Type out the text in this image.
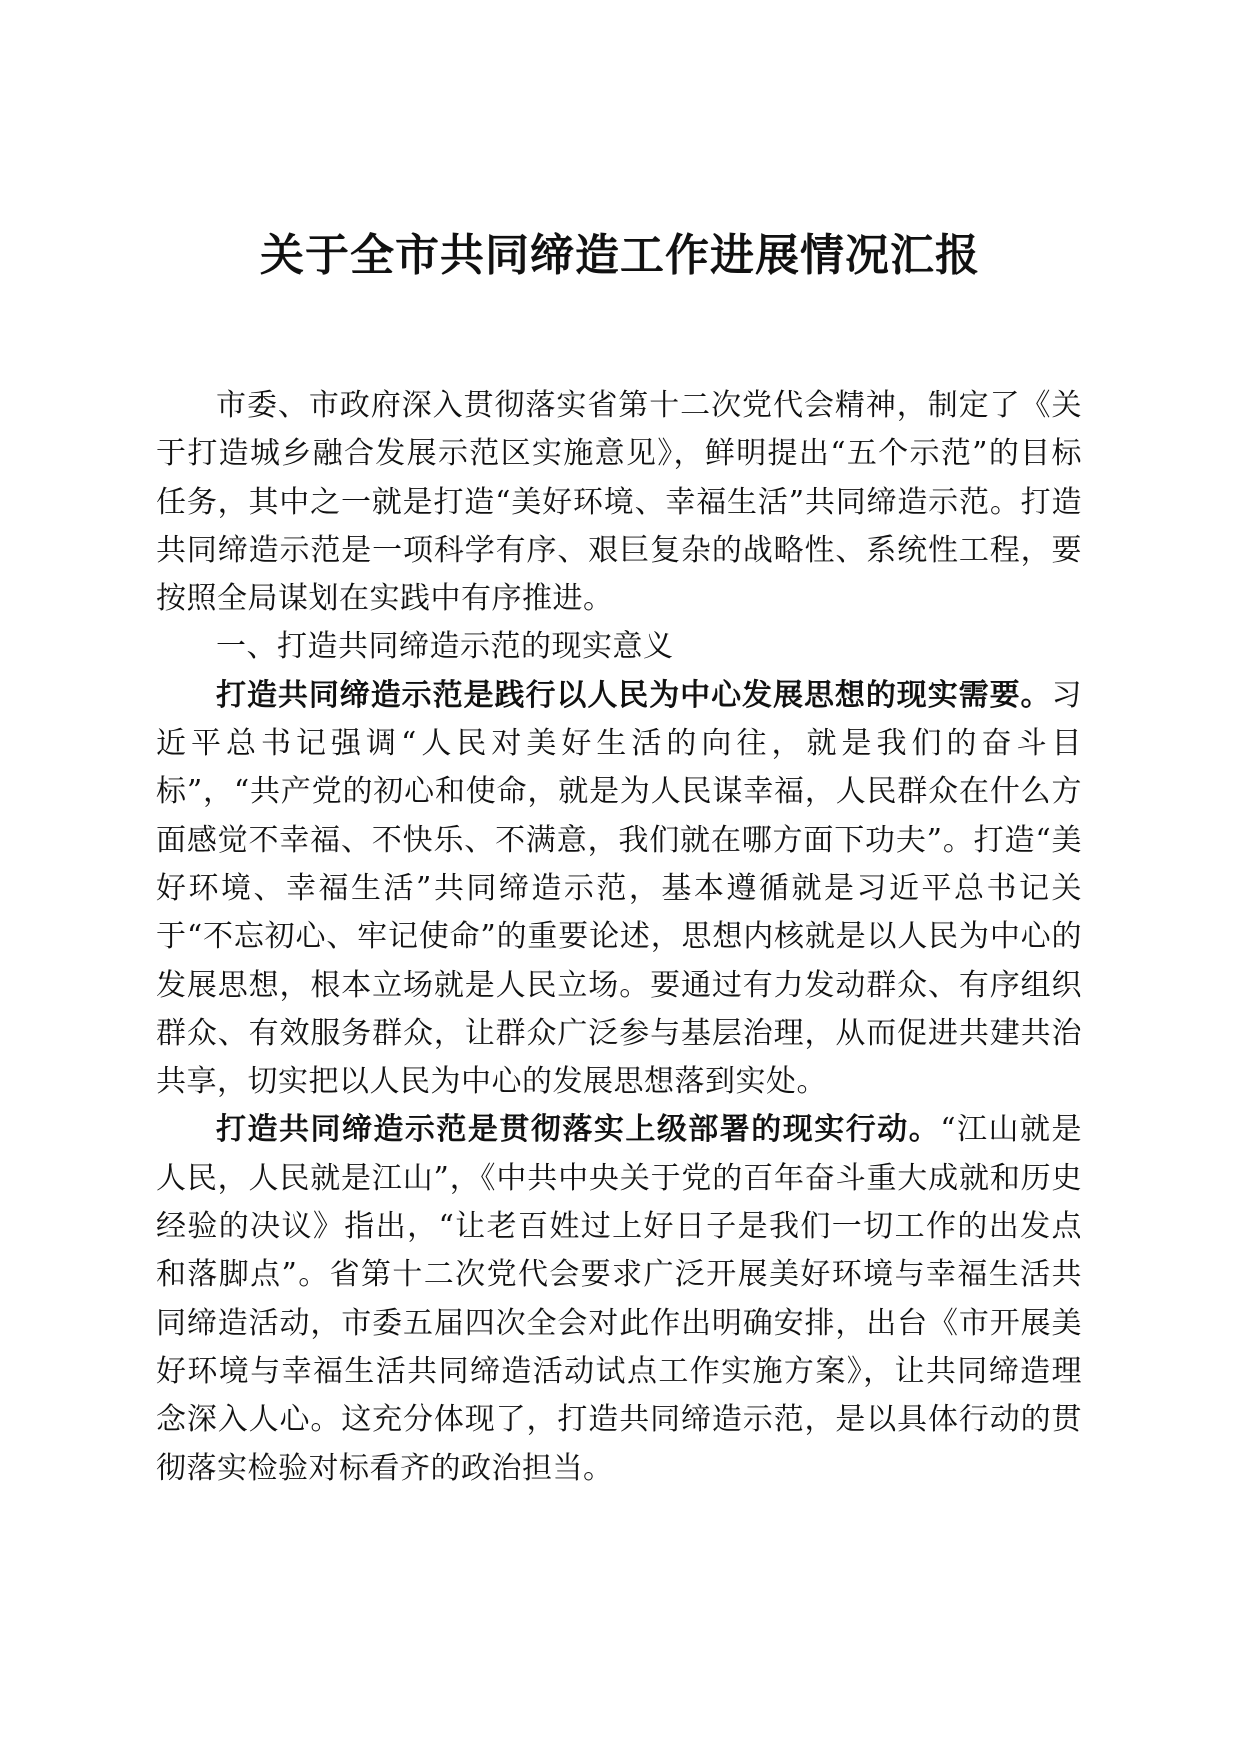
关于全市共同缔造工作进展情况汇报

市委、市政府深入贯彻落实省第十二次党代会精神，制定了《关于打造城乡融合发展示范区实施意见》，鲜明提出“五个示范”的目标任务，其中之一就是打造“美好环境、幸福生活”共同缔造示范。打造共同缔造示范是一项科学有序、艰巨复杂的战略性、系统性工程，要按照全局谋划在实践中有序推进。

一、打造共同缔造示范的现实意义

打造共同缔造示范是践行以人民为中心发展思想的现实需要。习近平总书记强调“人民对美好生活的向往，就是我们的奋斗目标”，“共产党的初心和使命，就是为人民谋幸福，人民群众在什么方面感觉不幸福、不快乐、不满意，我们就在哪方面下功夫”。打造“美好环境、幸福生活”共同缔造示范，基本遵循就是习近平总书记关于“不忘初心、牢记使命”的重要论述，思想内核就是以人民为中心的发展思想，根本立场就是人民立场。要通过有力发动群众、有序组织群众、有效服务群众，让群众广泛参与基层治理，从而促进共建共治共享，切实把以人民为中心的发展思想落到实处。

打造共同缔造示范是贯彻落实上级部署的现实行动。“江山就是人民，人民就是江山”，《中共中央关于党的百年奋斗重大成就和历史经验的决议》指出，“让老百姓过上好日子是我们一切工作的出发点和落脚点”。省第十二次党代会要求广泛开展美好环境与幸福生活共同缔造活动，市委五届四次全会对此作出明确安排，出台《市开展美好环境与幸福生活共同缔造活动试点工作实施方案》，让共同缔造理念深入人心。这充分体现了，打造共同缔造示范，是以具体行动的贯彻落实检验对标看齐的政治担当。
